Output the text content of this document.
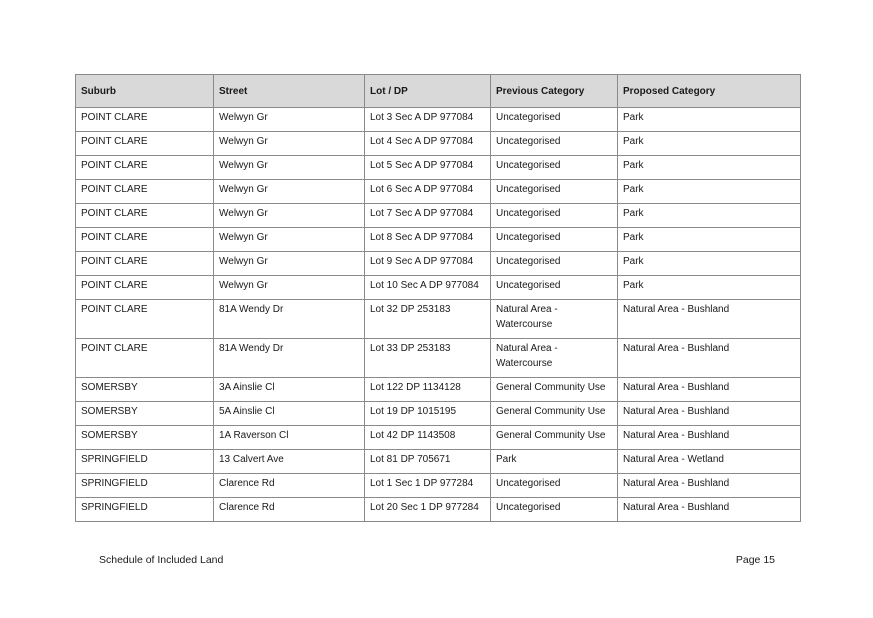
Suburb	Street	Lot / DP	Previous Category	Proposed Category
POINT CLARE	Welwyn Gr	Lot 3 Sec A DP 977084	Uncategorised	Park
POINT CLARE	Welwyn Gr	Lot 4 Sec A DP 977084	Uncategorised	Park
POINT CLARE	Welwyn Gr	Lot 5 Sec A DP 977084	Uncategorised	Park
POINT CLARE	Welwyn Gr	Lot 6 Sec A DP 977084	Uncategorised	Park
POINT CLARE	Welwyn Gr	Lot 7 Sec A DP 977084	Uncategorised	Park
POINT CLARE	Welwyn Gr	Lot 8 Sec A DP 977084	Uncategorised	Park
POINT CLARE	Welwyn Gr	Lot 9 Sec A DP 977084	Uncategorised	Park
POINT CLARE	Welwyn Gr	Lot 10 Sec A DP 977084	Uncategorised	Park
POINT CLARE	81A Wendy Dr	Lot 32 DP 253183	Natural Area - Watercourse	Natural Area - Bushland
POINT CLARE	81A Wendy Dr	Lot 33 DP 253183	Natural Area - Watercourse	Natural Area - Bushland
SOMERSBY	3A Ainslie Cl	Lot 122 DP 1134128	General Community Use	Natural Area - Bushland
SOMERSBY	5A Ainslie Cl	Lot 19 DP 1015195	General Community Use	Natural Area - Bushland
SOMERSBY	1A Raverson Cl	Lot 42 DP 1143508	General Community Use	Natural Area - Bushland
SPRINGFIELD	13 Calvert Ave	Lot 81 DP 705671	Park	Natural Area - Wetland
SPRINGFIELD	Clarence Rd	Lot 1 Sec 1 DP 977284	Uncategorised	Natural Area - Bushland
SPRINGFIELD	Clarence Rd	Lot 20 Sec 1 DP 977284	Uncategorised	Natural Area - Bushland
Schedule of Included Land	Page 15
